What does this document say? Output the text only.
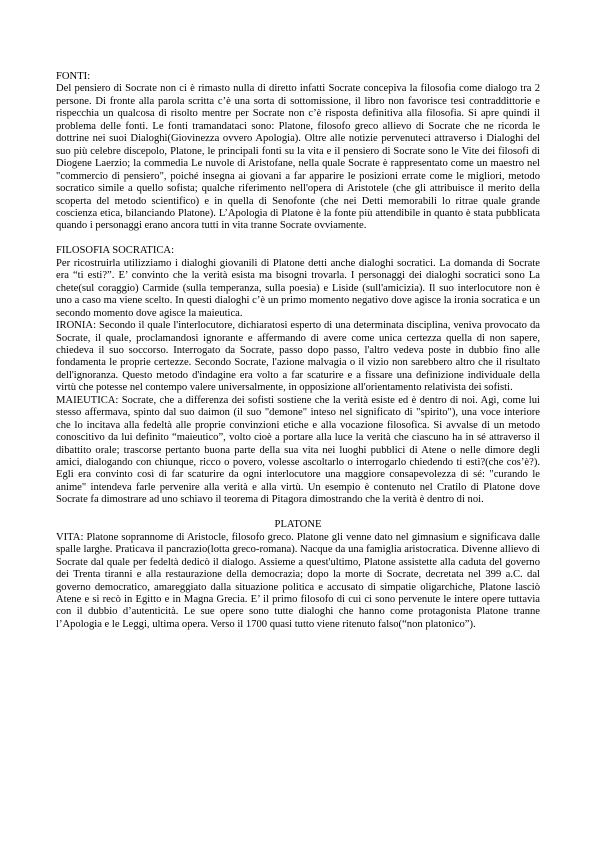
FONTI:

Del pensiero di Socrate non ci è rimasto nulla di diretto infatti Socrate concepiva la filosofia come dialogo tra 2 persone. Di fronte alla parola scritta c’è una sorta di sottomissione, il libro non favorisce tesi contraddittorie e rispecchia un qualcosa di risolto mentre per Socrate non c’è risposta definitiva alla filosofia. Si apre quindi il problema delle fonti. Le fonti tramandataci sono: Platone, filosofo greco allievo di Socrate che ne ricorda le dottrine nei suoi Dialoghi(Giovinezza ovvero Apologia). Oltre alle notizie pervenuteci attraverso i Dialoghi del suo più celebre discepolo, Platone, le principali fonti su la vita e il pensiero di Socrate sono le Vite dei filosofi di Diogene Laerzio; la commedia Le nuvole di Aristofane, nella quale Socrate è rappresentato come un maestro nel "commercio di pensiero", poiché insegna ai giovani a far apparire le posizioni errate come le migliori, metodo socratico simile a quello sofista; qualche riferimento nell'opera di Aristotele (che gli attribuisce il merito della scoperta del metodo scientifico) e in quella di Senofonte (che nei Detti memorabili lo ritrae quale grande coscienza etica, bilanciando Platone). L’Apologia di Platone è la fonte più attendibile in quanto è stata pubblicata quando i personaggi erano ancora tutti in vita tranne Socrate ovviamente.

FILOSOFIA SOCRATICA:

Per ricostruirla utilizziamo i dialoghi giovanili di Platone detti anche dialoghi socratici. La domanda di Socrate era “ti esti?”. E’ convinto che la verità esista ma bisogni trovarla. I personaggi dei dialoghi socratici sono La chete(sul coraggio) Carmide (sulla temperanza, sulla poesia) e Liside (sull'amicizia). Il suo interlocutore non è uno a caso ma viene scelto. In questi dialoghi c’è un primo momento negativo dove agisce la ironia socratica e un secondo momento dove agisce la maieutica.

IRONIA: Secondo il quale l'interlocutore, dichiaratosi esperto di una determinata disciplina, veniva provocato da Socrate, il quale, proclamandosi ignorante e affermando di avere come unica certezza quella di non sapere, chiedeva il suo soccorso. Interrogato da Socrate, passo dopo passo, l'altro vedeva poste in dubbio fino alle fondamenta le proprie certezze. Secondo Socrate, l'azione malvagia o il vizio non sarebbero altro che il risultato dell'ignoranza. Questo metodo d'indagine era volto a far scaturire e a fissare una definizione individuale della virtù che potesse nel contempo valere universalmente, in opposizione all'orientamento relativista dei sofisti.

MAIEUTICA: Socrate, che a differenza dei sofisti sostiene che la verità esiste ed è dentro di noi. Agì, come lui stesso affermava, spinto dal suo daimon (il suo "demone" inteso nel significato di "spirito"), una voce interiore che lo incitava alla fedeltà alle proprie convinzioni etiche e alla vocazione filosofica. Si avvalse di un metodo conoscitivo da lui definito “maieutico”, volto cioè a portare alla luce la verità che ciascuno ha in sé attraverso il dibattito orale; trascorse pertanto buona parte della sua vita nei luoghi pubblici di Atene o nelle dimore degli amici, dialogando con chiunque, ricco o povero, volesse ascoltarlo o interrogarlo chiedendo ti esti?(che cos’è?). Egli era convinto così di far scaturire da ogni interlocutore una maggiore consapevolezza di sé: "curando le anime" intendeva farle pervenire alla verità e alla virtù. Un esempio è contenuto nel Cratilo di Platone dove Socrate fa dimostrare ad uno schiavo il teorema di Pitagora dimostrando che la verità è dentro di noi.

PLATONE

VITA: Platone soprannome di Aristocle, filosofo greco. Platone gli venne dato nel gimnasium e significava dalle spalle larghe. Praticava il pancrazio(lotta greco-romana). Nacque da una famiglia aristocratica. Divenne allievo di Socrate dal quale per fedeltà dedicò il dialogo. Assieme a quest'ultimo, Platone assistette alla caduta del governo dei Trenta tiranni e alla restaurazione della democrazia; dopo la morte di Socrate, decretata nel 399 a.C. dal governo democratico, amareggiato dalla situazione politica e accusato di simpatie oligarchiche, Platone lasciò Atene e si recò in Egitto e in Magna Grecia. E’ il primo filosofo di cui ci sono pervenute le intere opere tuttavia con il dubbio d’autenticità. Le sue opere sono tutte dialoghi che hanno come protagonista Platone tranne l’Apologia e le Leggi, ultima opera. Verso il 1700 quasi tutto viene ritenuto falso(“non platonico”).
